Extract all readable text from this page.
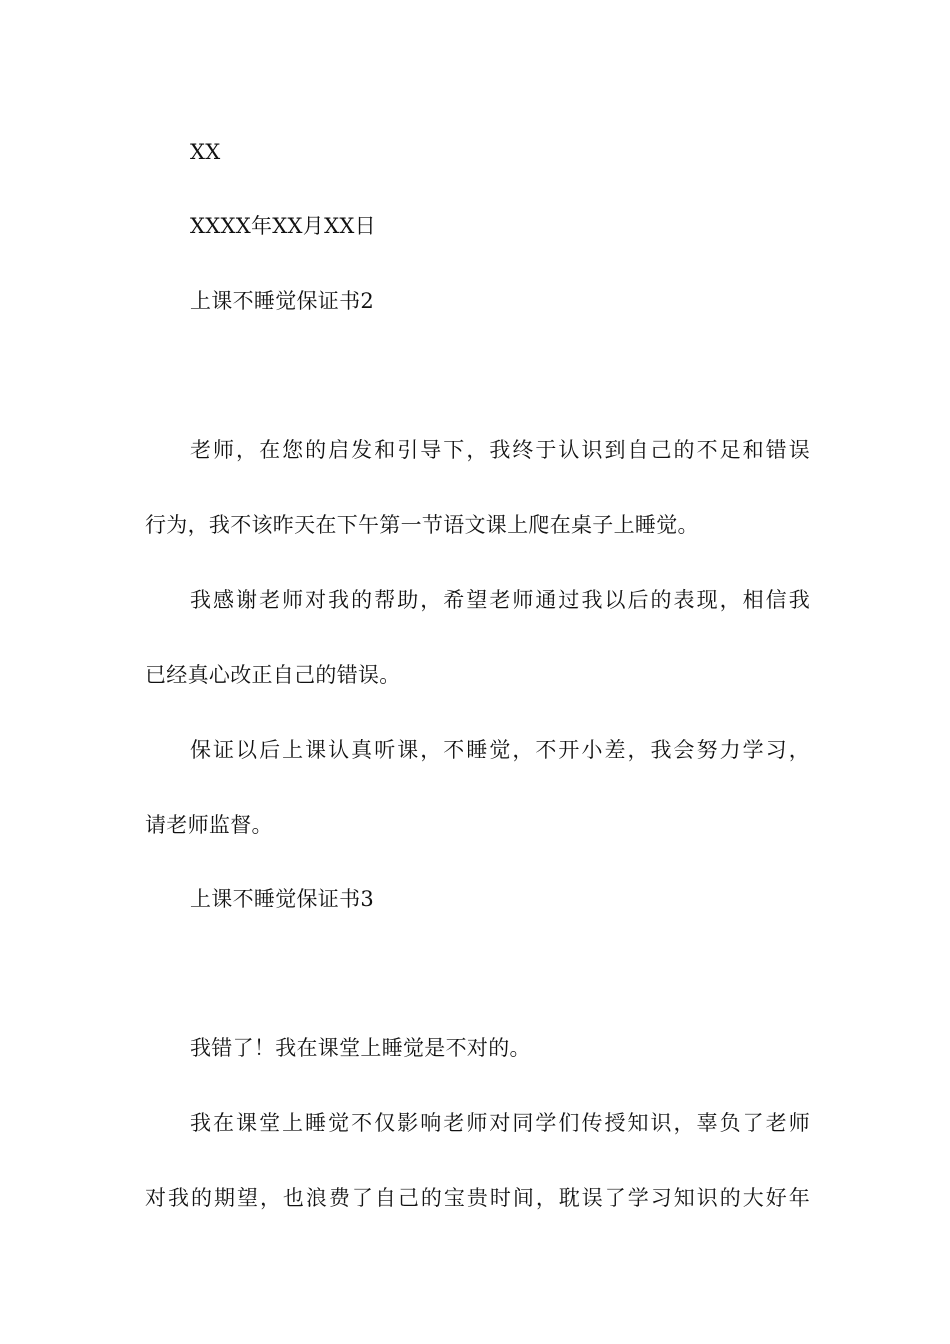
XX
XXXX年XX月XX日
上课不睡觉保证书2
老师，在您的启发和引导下，我终于认识到自己的不足和错误
行为，我不该昨天在下午第一节语文课上爬在桌子上睡觉。
我感谢老师对我的帮助，希望老师通过我以后的表现，相信我
已经真心改正自己的错误。
保证以后上课认真听课，不睡觉，不开小差，我会努力学习，
请老师监督。
上课不睡觉保证书3
我错了！我在课堂上睡觉是不对的。
我在课堂上睡觉不仅影响老师对同学们传授知识，辜负了老师
对我的期望，也浪费了自己的宝贵时间，耽误了学习知识的大好年
